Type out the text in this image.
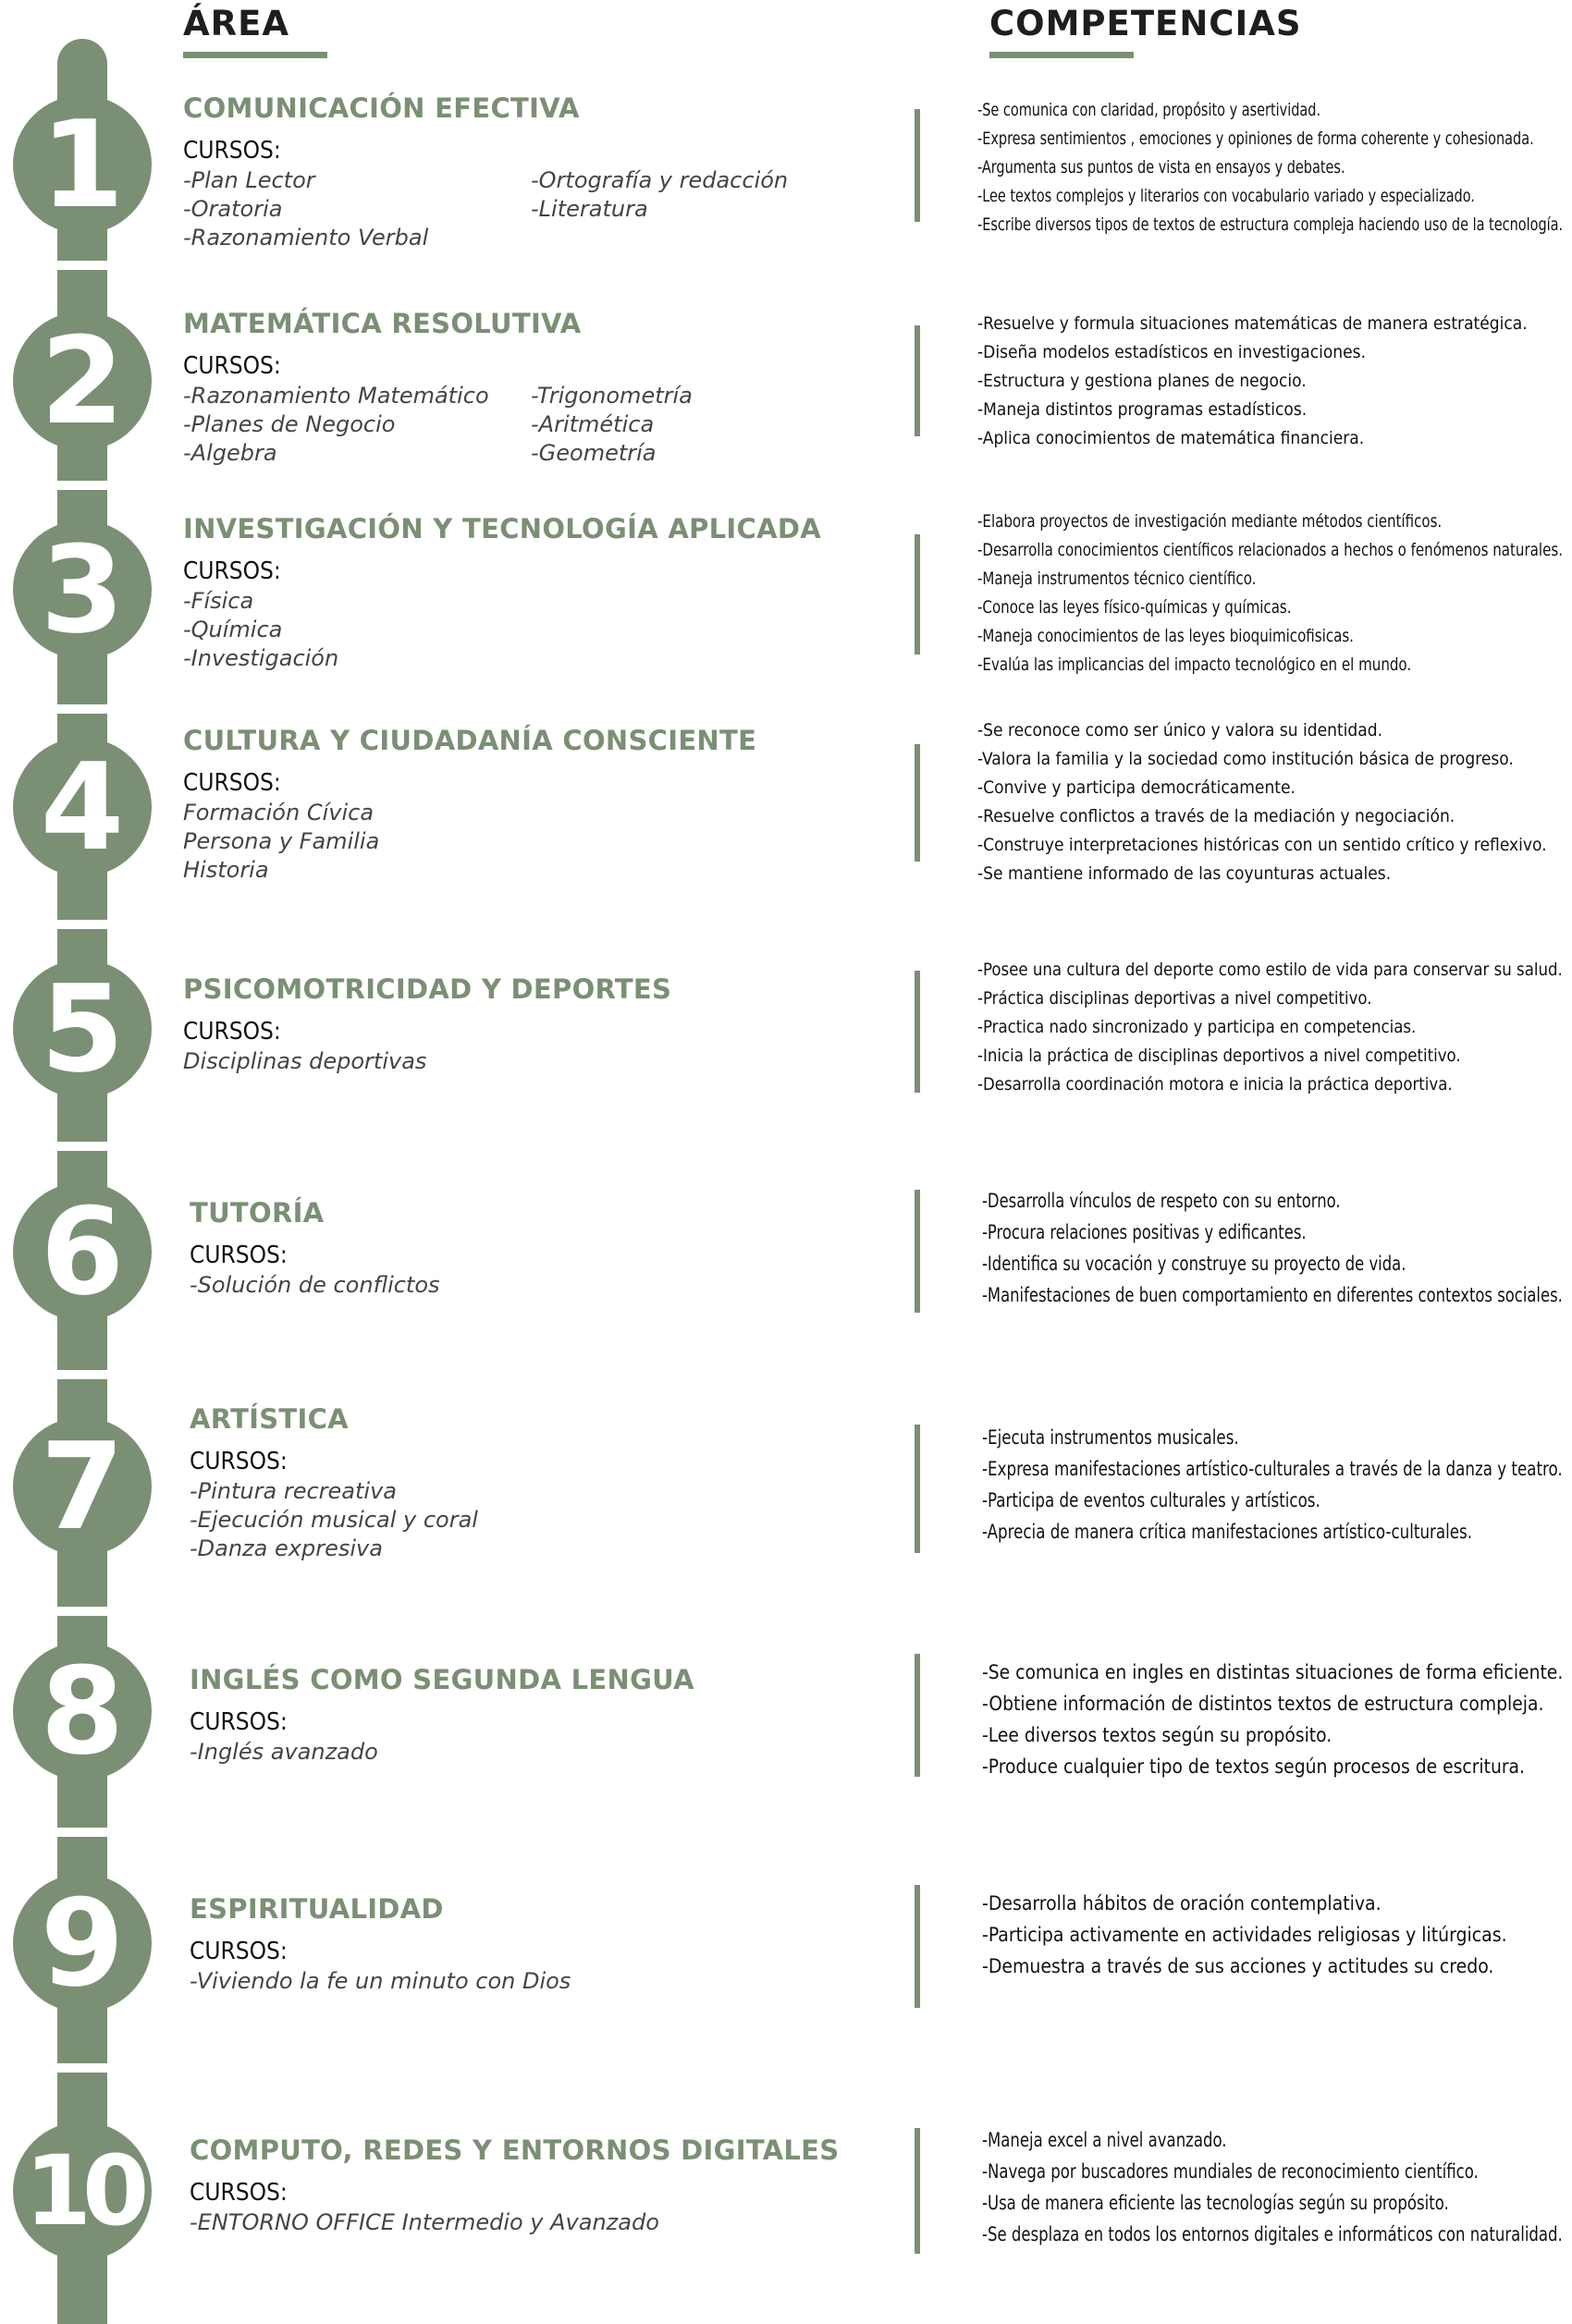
ÁREA	COMPETENCIAS
1	COMUNICACIÓN EFECTIVA
CURSOS:
-Plan Lector	-Ortografía y redacción
-Oratoria	-Literatura
-Razonamiento Verbal
-Se comunica con claridad, propósito y asertividad.
-Expresa sentimientos , emociones y opiniones de forma coherente y cohesionada.
-Argumenta sus puntos de vista en ensayos y debates.
-Lee textos complejos y literarios con vocabulario variado y especializado.
-Escribe diversos tipos de textos de estructura compleja haciendo uso de la tecnología.
2	MATEMÁTICA RESOLUTIVA
CURSOS:
-Razonamiento Matemático	-Trigonometría
-Planes de Negocio	-Aritmética
-Algebra	-Geometría
-Resuelve y formula situaciones matemáticas de manera estratégica.
-Diseña modelos estadísticos en investigaciones.
-Estructura y gestiona planes de negocio.
-Maneja distintos programas estadísticos.
-Aplica conocimientos de matemática financiera.
3	INVESTIGACIÓN Y TECNOLOGÍA APLICADA
CURSOS:
-Física
-Química
-Investigación
-Elabora proyectos de investigación mediante métodos científicos.
-Desarrolla conocimientos científicos relacionados a hechos o fenómenos naturales.
-Maneja instrumentos técnico científico.
-Conoce las leyes físico-químicas y químicas.
-Maneja conocimientos de las leyes bioquimicofisicas.
-Evalúa las implicancias del impacto tecnológico en el mundo.
4	CULTURA Y CIUDADANÍA CONSCIENTE
CURSOS:
Formación Cívica
Persona y Familia
Historia
-Se reconoce como ser único y valora su identidad.
-Valora la familia y la sociedad como institución básica de progreso.
-Convive y participa democráticamente.
-Resuelve conflictos a través de la mediación y negociación.
-Construye interpretaciones históricas con un sentido crítico y reflexivo.
-Se mantiene informado de las coyunturas actuales.
5	PSICOMOTRICIDAD Y DEPORTES
CURSOS:
Disciplinas deportivas
-Posee una cultura del deporte como estilo de vida para conservar su salud.
-Práctica disciplinas deportivas a nivel competitivo.
-Practica nado sincronizado y participa en competencias.
-Inicia la práctica de disciplinas deportivos a nivel competitivo.
-Desarrolla coordinación motora e inicia la práctica deportiva.
6	TUTORÍA
CURSOS:
-Solución de conflictos
-Desarrolla vínculos de respeto con su entorno.
-Procura relaciones positivas y edificantes.
-Identifica su vocación y construye su proyecto de vida.
-Manifestaciones de buen comportamiento en diferentes contextos sociales.
7	ARTÍSTICA
CURSOS:
-Pintura recreativa
-Ejecución musical y coral
-Danza expresiva
-Ejecuta instrumentos musicales.
-Expresa manifestaciones artístico-culturales a través de la danza y teatro.
-Participa de eventos culturales y artísticos.
-Aprecia de manera crítica manifestaciones artístico-culturales.
8	INGLÉS COMO SEGUNDA LENGUA
CURSOS:
-Inglés avanzado
-Se comunica en ingles en distintas situaciones de forma eficiente.
-Obtiene información de distintos textos de estructura compleja.
-Lee diversos textos según su propósito.
-Produce cualquier tipo de textos según procesos de escritura.
9	ESPIRITUALIDAD
CURSOS:
-Viviendo la fe un minuto con Dios
-Desarrolla hábitos de oración contemplativa.
-Participa activamente en actividades religiosas y litúrgicas.
-Demuestra a través de sus acciones y actitudes su credo.
10	COMPUTO, REDES Y ENTORNOS DIGITALES
CURSOS:
-ENTORNO OFFICE Intermedio y Avanzado
-Maneja excel a nivel avanzado.
-Navega por buscadores mundiales de reconocimiento científico.
-Usa de manera eficiente las tecnologías según su propósito.
-Se desplaza en todos los entornos digitales e informáticos con naturalidad.
